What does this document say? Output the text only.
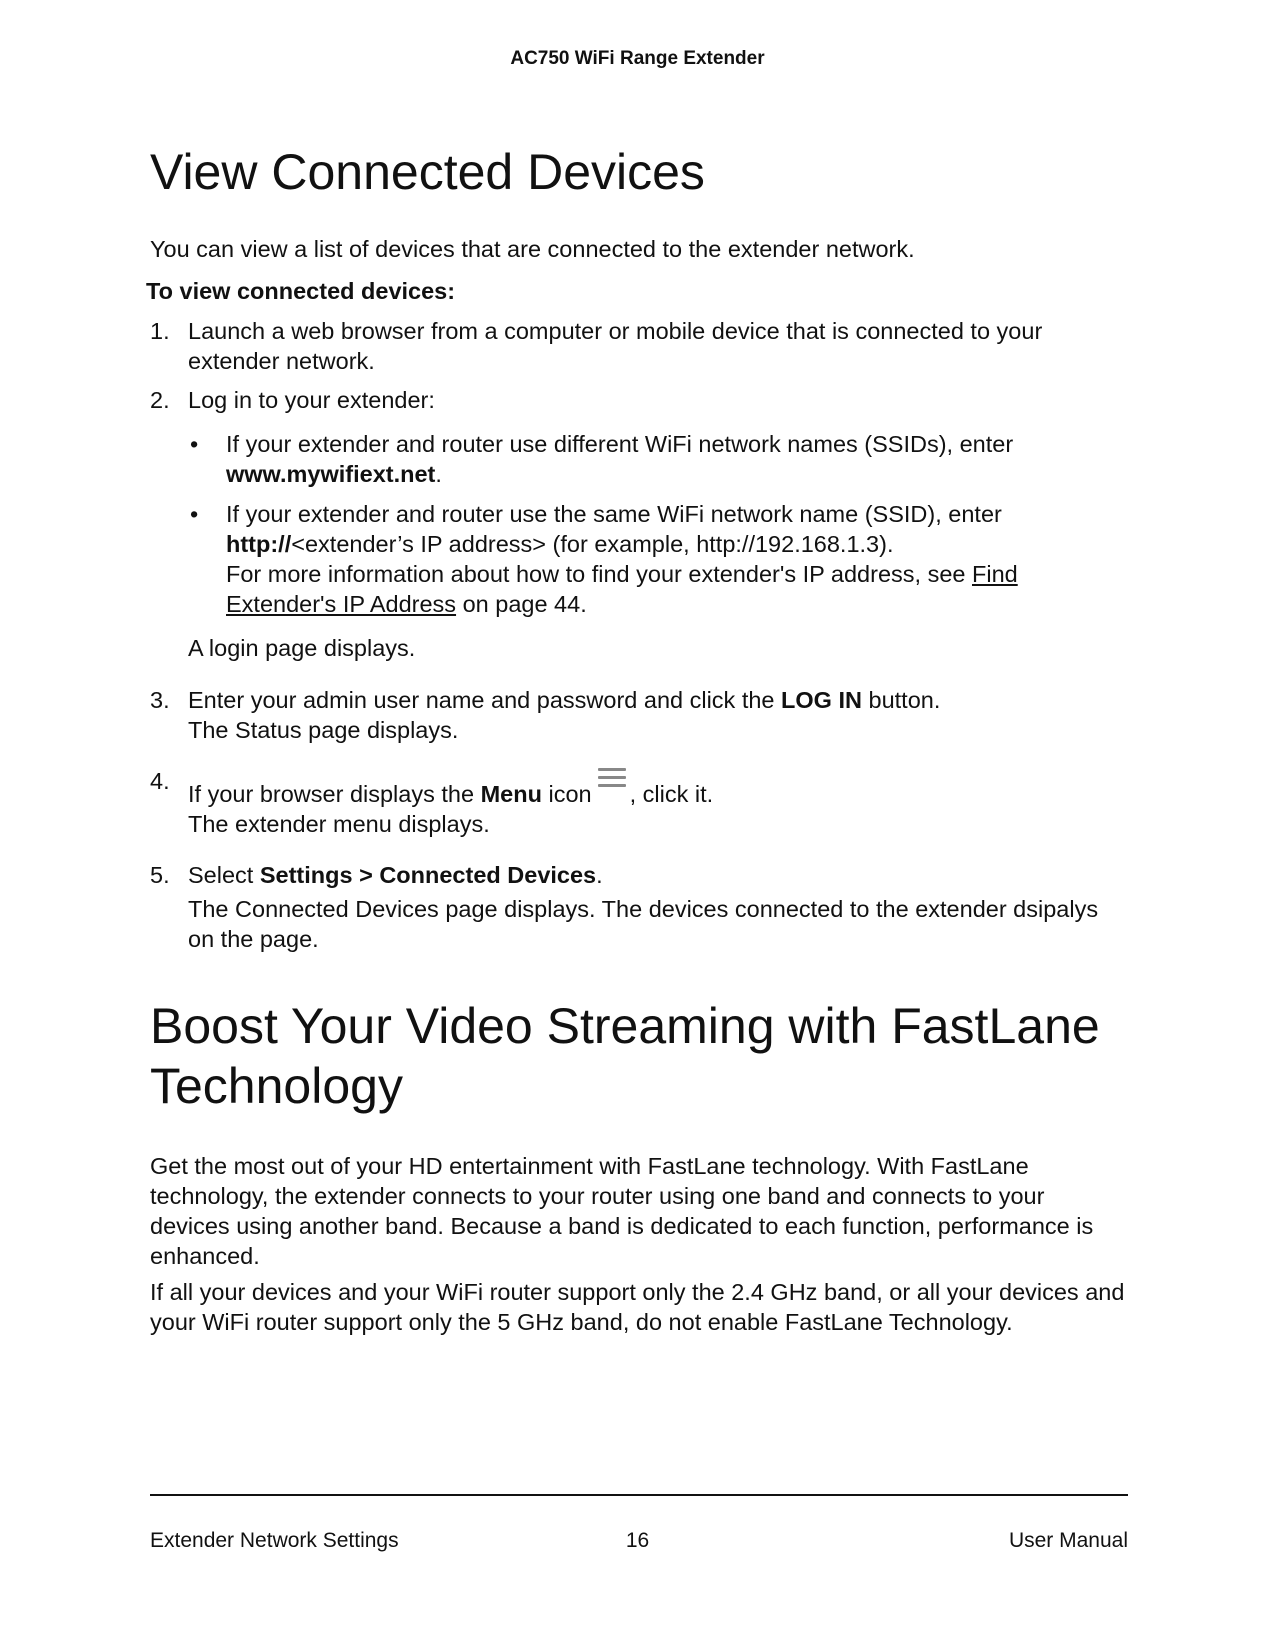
AC750 WiFi Range Extender
View Connected Devices

You can view a list of devices that are connected to the extender network.

To view connected devices:

1. Launch a web browser from a computer or mobile device that is connected to your extender network.
2. Log in to your extender:
• If your extender and router use different WiFi network names (SSIDs), enter
www.mywifiext.net.
• If your extender and router use the same WiFi network name (SSID), enter
http://<extender’s IP address> (for example, http://192.168.1.3).
For more information about how to find your extender's IP address, see Find Extender's IP Address on page 44.
A login page displays.
3. Enter your admin user name and password and click the LOG IN button.
The Status page displays.
4. If your browser displays the Menu icon , click it.
The extender menu displays.
5. Select Settings > Connected Devices.
The Connected Devices page displays. The devices connected to the extender dsipalys on the page.
Boost Your Video Streaming with FastLane Technology

Get the most out of your HD entertainment with FastLane technology. With FastLane technology, the extender connects to your router using one band and connects to your devices using another band. Because a band is dedicated to each function, performance is enhanced.

If all your devices and your WiFi router support only the 2.4 GHz band, or all your devices and your WiFi router support only the 5 GHz band, do not enable FastLane Technology.

Extender Network Settings	16	User Manual
